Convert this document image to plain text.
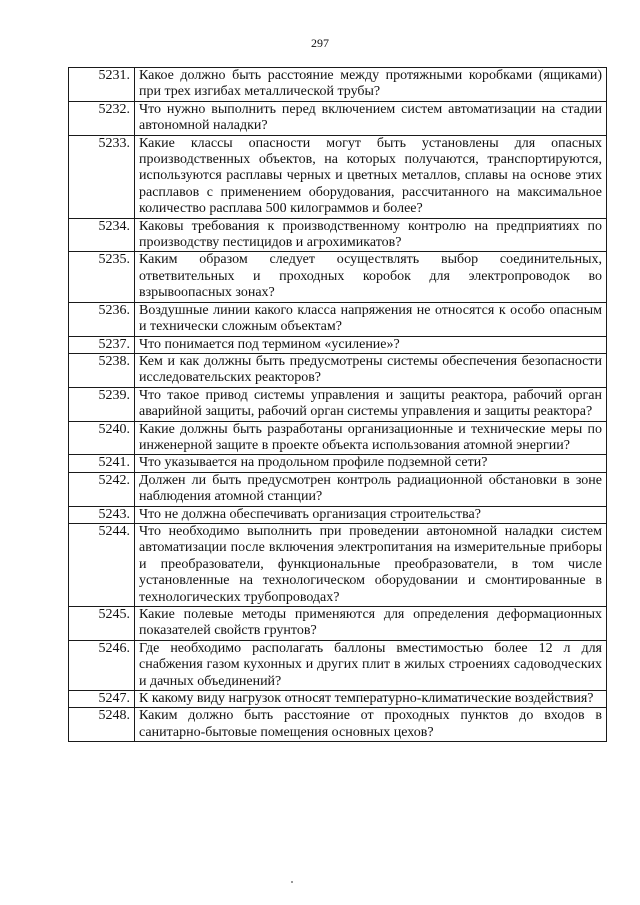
297
5231.	Какое должно быть расстояние между протяжными коробками (ящиками) при трех изгибах металлической трубы?
5232.	Что нужно выполнить перед включением систем автоматизации на стадии автономной наладки?
5233.	Какие классы опасности могут быть установлены для опасных производственных объектов, на которых получаются, транспортируются, используются расплавы черных и цветных металлов, сплавы на основе этих расплавов с применением оборудования, рассчитанного на максимальное количество расплава 500 килограммов и более?
5234.	Каковы требования к производственному контролю на предприятиях по производству пестицидов и агрохимикатов?
5235.	Каким образом следует осуществлять выбор соединительных, ответвительных и проходных коробок для электропроводок во взрывоопасных зонах?
5236.	Воздушные линии какого класса напряжения не относятся к особо опасным и технически сложным объектам?
5237.	Что понимается под термином «усиление»?
5238.	Кем и как должны быть предусмотрены системы обеспечения безопасности исследовательских реакторов?
5239.	Что такое привод системы управления и защиты реактора, рабочий орган аварийной защиты, рабочий орган системы управления и защиты реактора?
5240.	Какие должны быть разработаны организационные и технические меры по инженерной защите в проекте объекта использования атомной энергии?
5241.	Что указывается на продольном профиле подземной сети?
5242.	Должен ли быть предусмотрен контроль радиационной обстановки в зоне наблюдения атомной станции?
5243.	Что не должна обеспечивать организация строительства?
5244.	Что необходимо выполнить при проведении автономной наладки систем автоматизации после включения электропитания на измерительные приборы и преобразователи, функциональные преобразователи, в том числе установленные на технологическом оборудовании и смонтированные в технологических трубопроводах?
5245.	Какие полевые методы применяются для определения деформационных показателей свойств грунтов?
5246.	Где необходимо располагать баллоны вместимостью более 12 л для снабжения газом кухонных и других плит в жилых строениях садоводческих и дачных объединений?
5247.	К какому виду нагрузок относят температурно-климатические воздействия?
5248.	Каким должно быть расстояние от проходных пунктов до входов в санитарно-бытовые помещения основных цехов?
